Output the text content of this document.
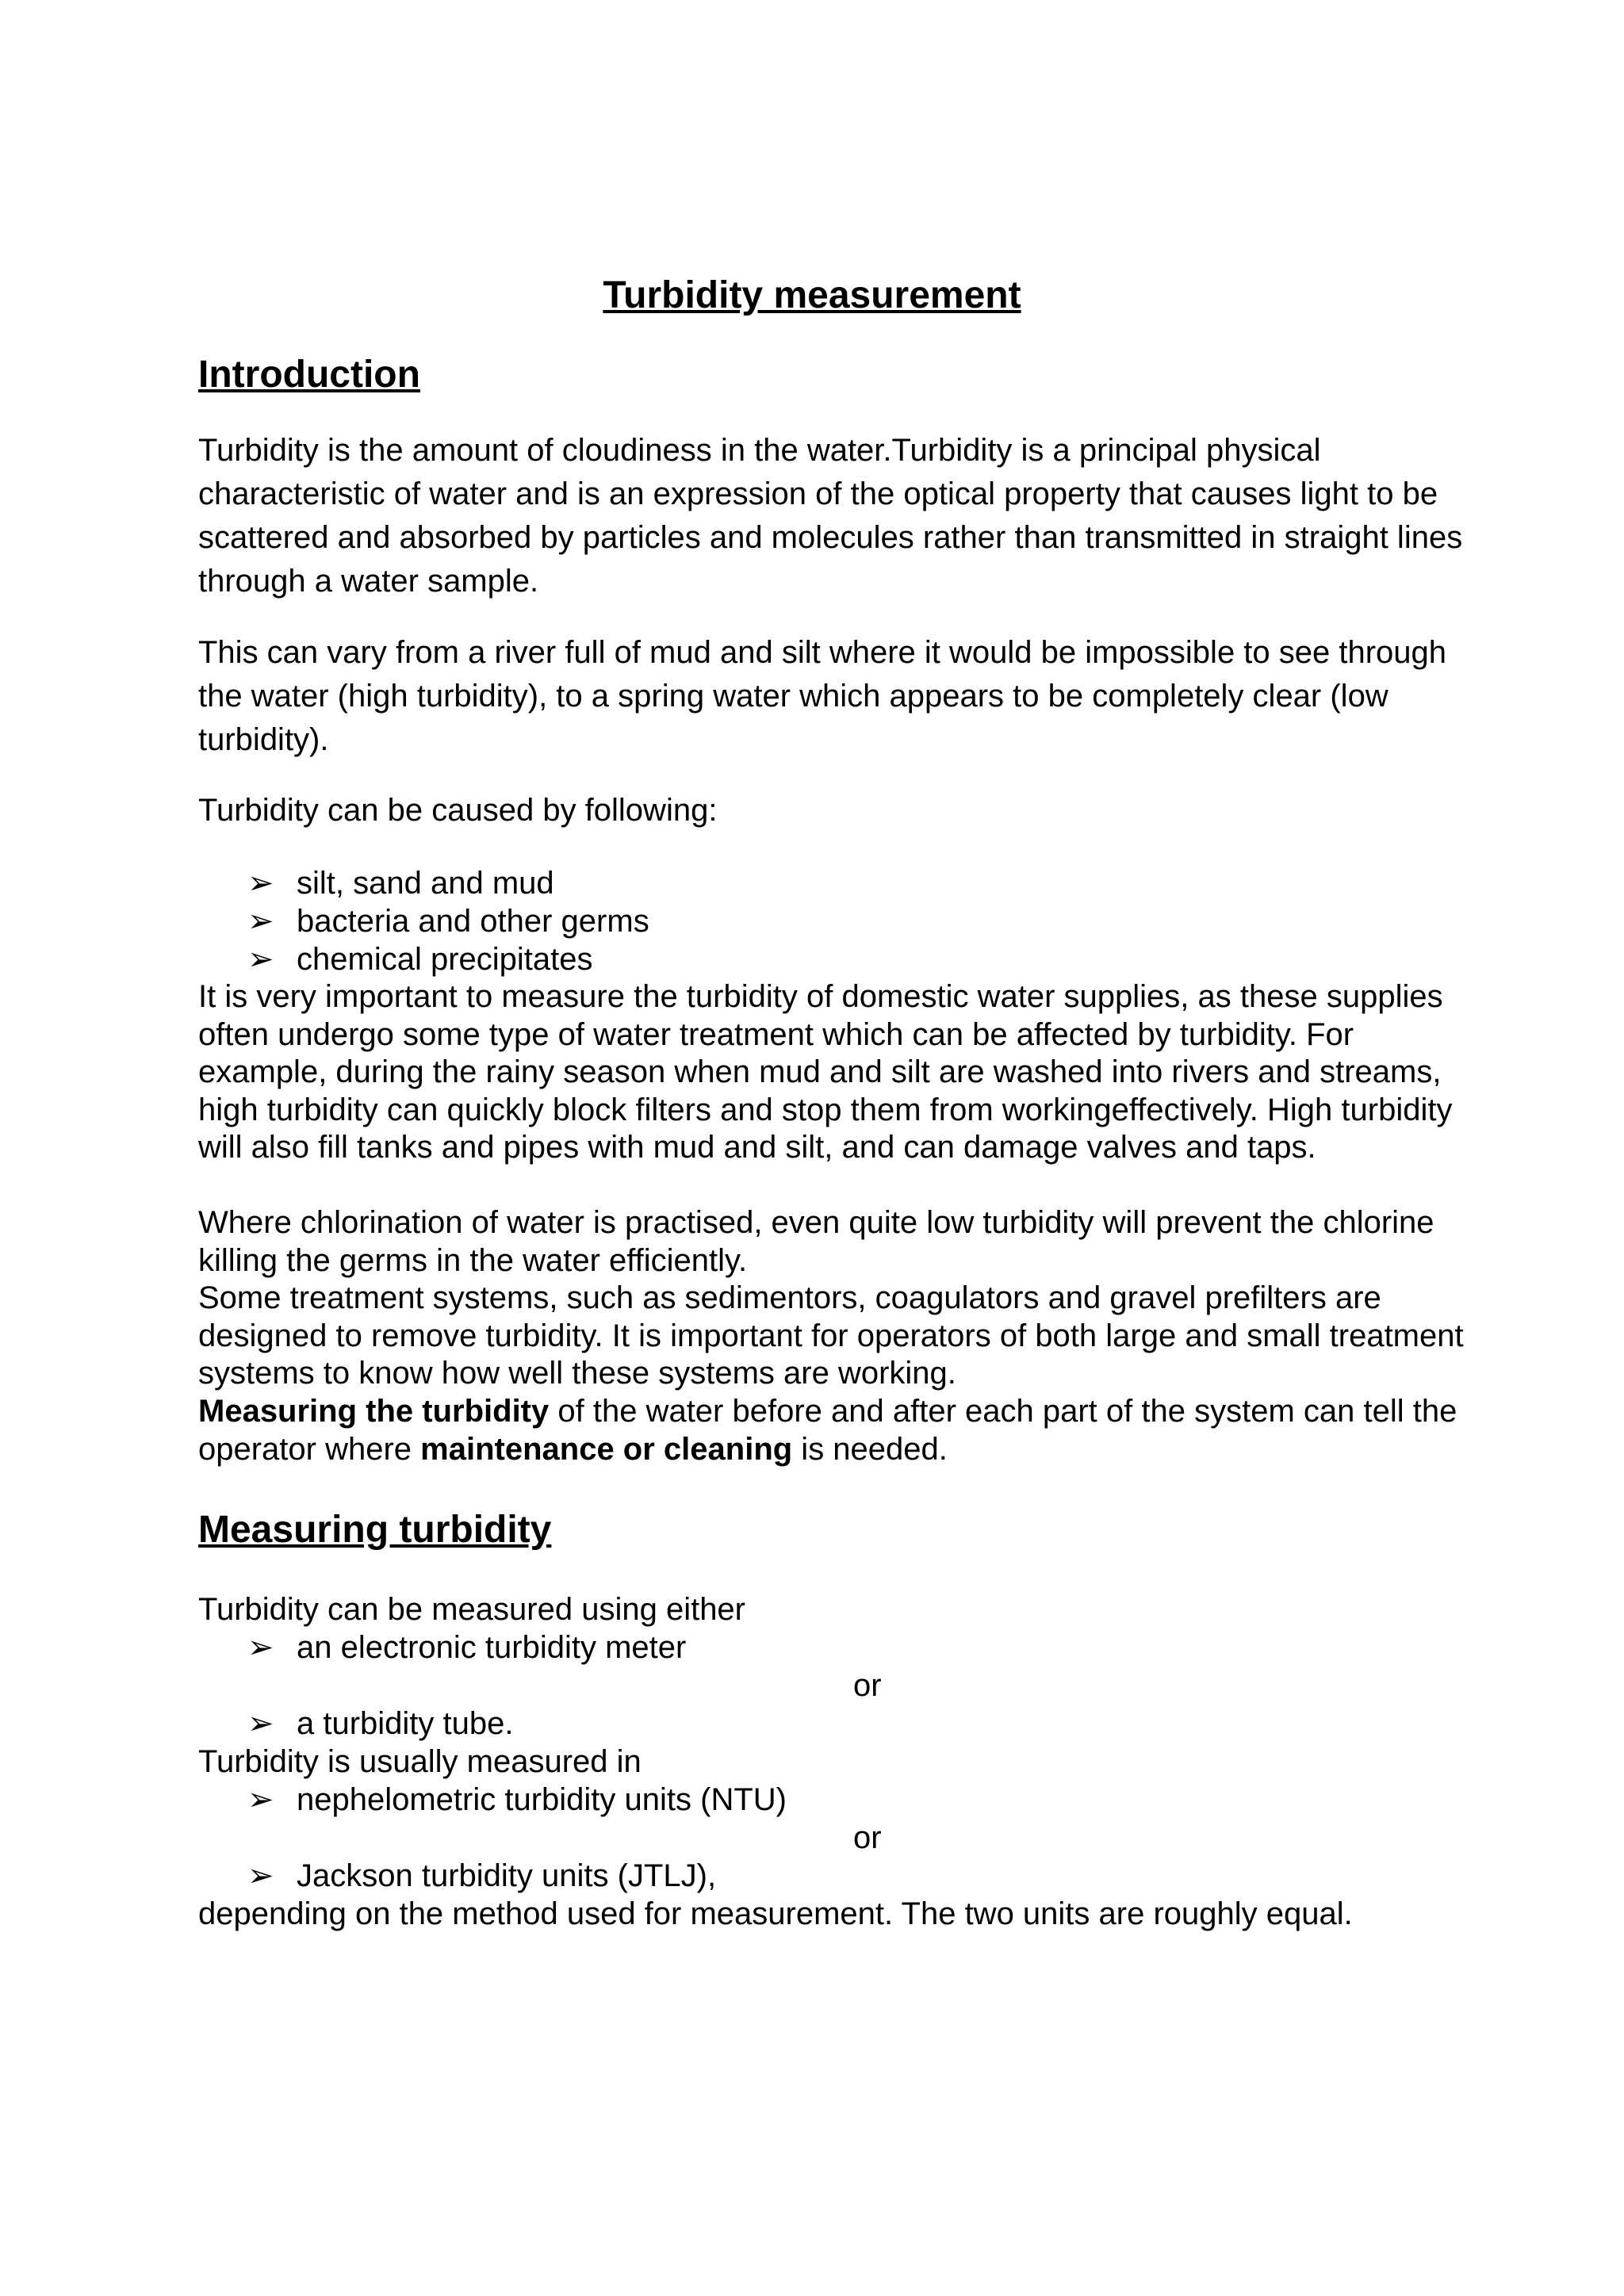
Turbidity measurement
Introduction

Turbidity is the amount of cloudiness in the water.Turbidity is a principal physical characteristic of water and is an expression of the optical property that causes light to be scattered and absorbed by particles and molecules rather than transmitted in straight lines through a water sample.

This can vary from a river full of mud and silt where it would be impossible to see through the water (high turbidity), to a spring water which appears to be completely clear (low turbidity).

Turbidity can be caused by following:

➢ silt, sand and mud
➢ bacteria and other germs
➢ chemical precipitates

It is very important to measure the turbidity of domestic water supplies, as these supplies often undergo some type of water treatment which can be affected by turbidity. For example, during the rainy season when mud and silt are washed into rivers and streams, high turbidity can quickly block filters and stop them from workingeffectively. High turbidity will also fill tanks and pipes with mud and silt, and can damage valves and taps.

Where chlorination of water is practised, even quite low turbidity will prevent the chlorine killing the germs in the water efficiently.

Some treatment systems, such as sedimentors, coagulators and gravel prefilters are designed to remove turbidity. It is important for operators of both large and small treatment systems to know how well these systems are working.

Measuring the turbidity of the water before and after each part of the system can tell the operator where maintenance or cleaning is needed.

Measuring turbidity
Turbidity can be measured using either
➢ an electronic turbidity meter
or
➢ a turbidity tube.
Turbidity is usually measured in
➢ nephelometric turbidity units (NTU)
or
➢ Jackson turbidity units (JTLJ),
depending on the method used for measurement. The two units are roughly equal.
